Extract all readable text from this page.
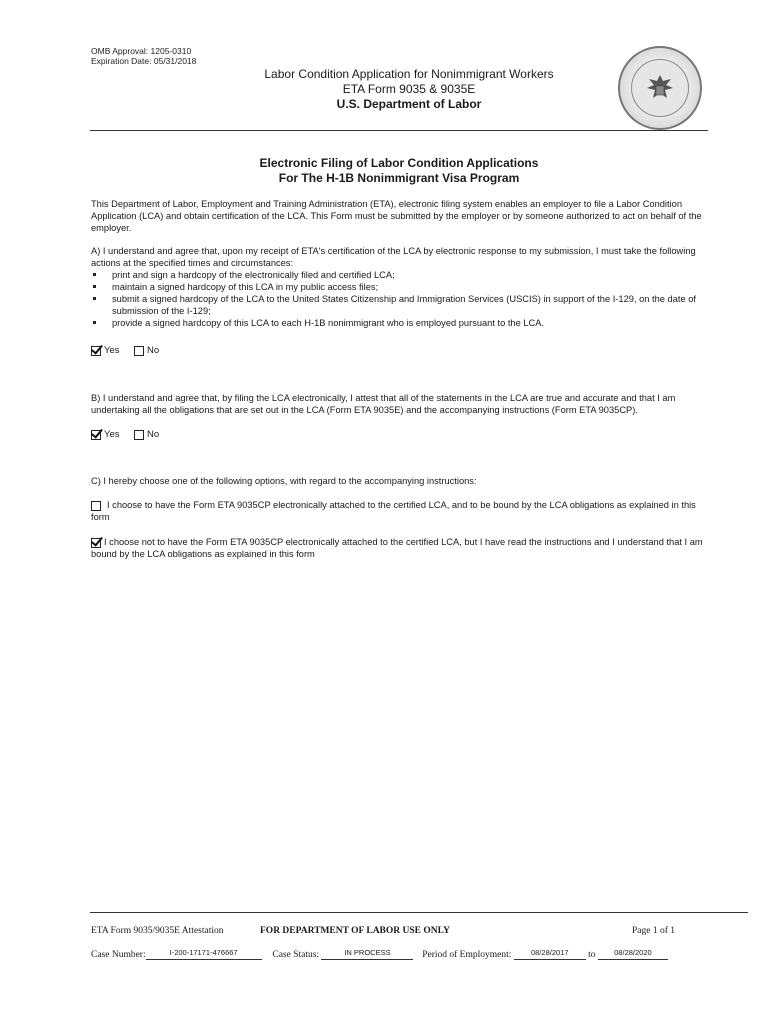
OMB Approval: 1205-0310
Expiration Date: 05/31/2018
Labor Condition Application for Nonimmigrant Workers
ETA Form 9035 & 9035E
U.S. Department of Labor
Electronic Filing of Labor Condition Applications
For The H-1B Nonimmigrant Visa Program
This Department of Labor, Employment and Training Administration (ETA), electronic filing system enables an employer to file a Labor Condition Application (LCA) and obtain certification of the LCA. This Form must be submitted by the employer or by someone authorized to act on behalf of the employer.
A) I understand and agree that, upon my receipt of ETA's certification of the LCA by electronic response to my submission, I must take the following actions at the specified times and circumstances:
print and sign a hardcopy of the electronically filed and certified LCA;
maintain a signed hardcopy of this LCA in my public access files;
submit a signed hardcopy of the LCA to the United States Citizenship and Immigration Services (USCIS) in support of the I-129, on the date of submission of the I-129;
provide a signed hardcopy of this LCA to each H-1B nonimmigrant who is employed pursuant to the LCA.
Yes
	No
B) I understand and agree that, by filing the LCA electronically, I attest that all of the statements in the LCA are true and accurate and that I am undertaking all the obligations that are set out in the LCA (Form ETA 9035E) and the accompanying instructions (Form ETA 9035CP).
Yes
	No
C) I hereby choose one of the following options, with regard to the accompanying instructions:
I choose to have the Form ETA 9035CP electronically attached to the certified LCA, and to be bound by the LCA obligations as explained in this form
I choose not to have the Form ETA 9035CP electronically attached to the certified LCA, but I have read the instructions and I understand that I am bound by the LCA obligations as explained in this form
ETA Form 9035/9035E Attestation	FOR DEPARTMENT OF LABOR USE ONLY	Page 1 of 1
Case Number:	I-200-17171-476667	Case Status:	IN PROCESS	Period of Employment:	08/28/2017 to 08/28/2020
